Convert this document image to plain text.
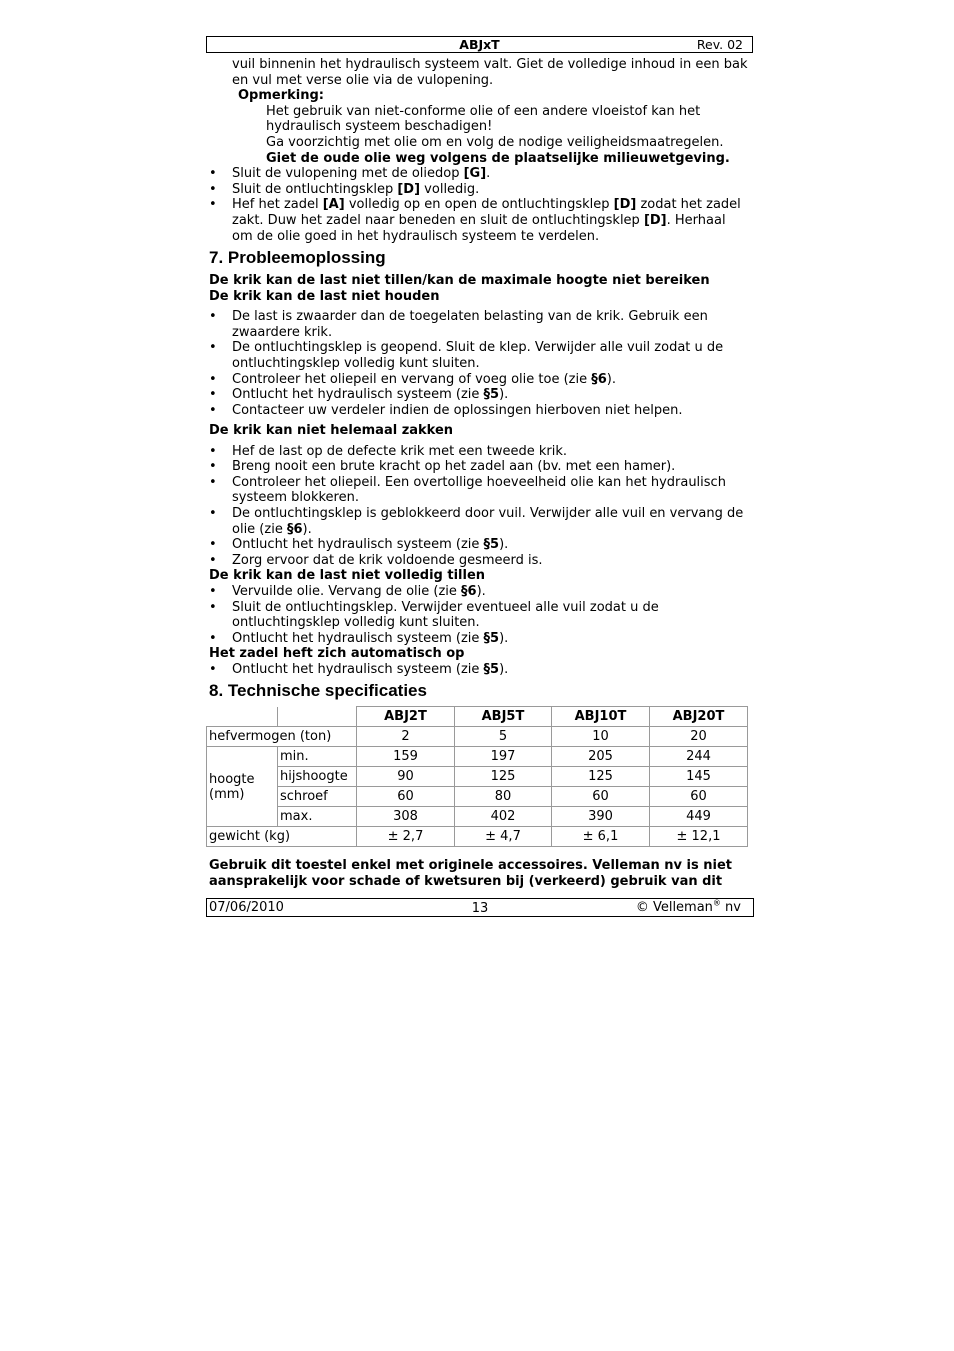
ABJxT	Rev. 02
vuil binnenin het hydraulisch systeem valt. Giet de volledige inhoud in een bak
en vul met verse olie via de vulopening.
Opmerking:
Het gebruik van niet-conforme olie of een andere vloeistof kan het
hydraulisch systeem beschadigen!
Ga voorzichtig met olie om en volg de nodige veiligheidsmaatregelen.
Giet de oude olie weg volgens de plaatselijke milieuwetgeving.
• Sluit de vulopening met de oliedop [G].
• Sluit de ontluchtingsklep [D] volledig.
• Hef het zadel [A] volledig op en open de ontluchtingsklep [D] zodat het zadel
zakt. Duw het zadel naar beneden en sluit de ontluchtingsklep [D]. Herhaal
om de olie goed in het hydraulisch systeem te verdelen.
7. Probleemoplossing
De krik kan de last niet tillen/kan de maximale hoogte niet bereiken
De krik kan de last niet houden
• De last is zwaarder dan de toegelaten belasting van de krik. Gebruik een
zwaardere krik.
• De ontluchtingsklep is geopend. Sluit de klep. Verwijder alle vuil zodat u de
ontluchtingsklep volledig kunt sluiten.
• Controleer het oliepeil en vervang of voeg olie toe (zie §6).
• Ontlucht het hydraulisch systeem (zie §5).
• Contacteer uw verdeler indien de oplossingen hierboven niet helpen.
De krik kan niet helemaal zakken
• Hef de last op de defecte krik met een tweede krik.
• Breng nooit een brute kracht op het zadel aan (bv. met een hamer).
• Controleer het oliepeil. Een overtollige hoeveelheid olie kan het hydraulisch
systeem blokkeren.
• De ontluchtingsklep is geblokkeerd door vuil. Verwijder alle vuil en vervang de
olie (zie §6).
• Ontlucht het hydraulisch systeem (zie §5).
• Zorg ervoor dat de krik voldoende gesmeerd is.
De krik kan de last niet volledig tillen
• Vervuilde olie. Vervang de olie (zie §6).
• Sluit de ontluchtingsklep. Verwijder eventueel alle vuil zodat u de
ontluchtingsklep volledig kunt sluiten.
• Ontlucht het hydraulisch systeem (zie §5).
Het zadel heft zich automatisch op
• Ontlucht het hydraulisch systeem (zie §5).
8. Technische specificaties
		ABJ2T	ABJ5T	ABJ10T	ABJ20T
hefvermogen (ton)		2	5	10	20
hoogte
(mm)	min.	159	197	205	244
	hijshoogte	90	125	125	145
	schroef	60	80	60	60
	max.	308	402	390	449
gewicht (kg)		± 2,7	± 4,7	± 6,1	± 12,1
Gebruik dit toestel enkel met originele accessoires. Velleman nv is niet
aansprakelijk voor schade of kwetsuren bij (verkeerd) gebruik van dit
07/06/2010	13	© Velleman® nv
